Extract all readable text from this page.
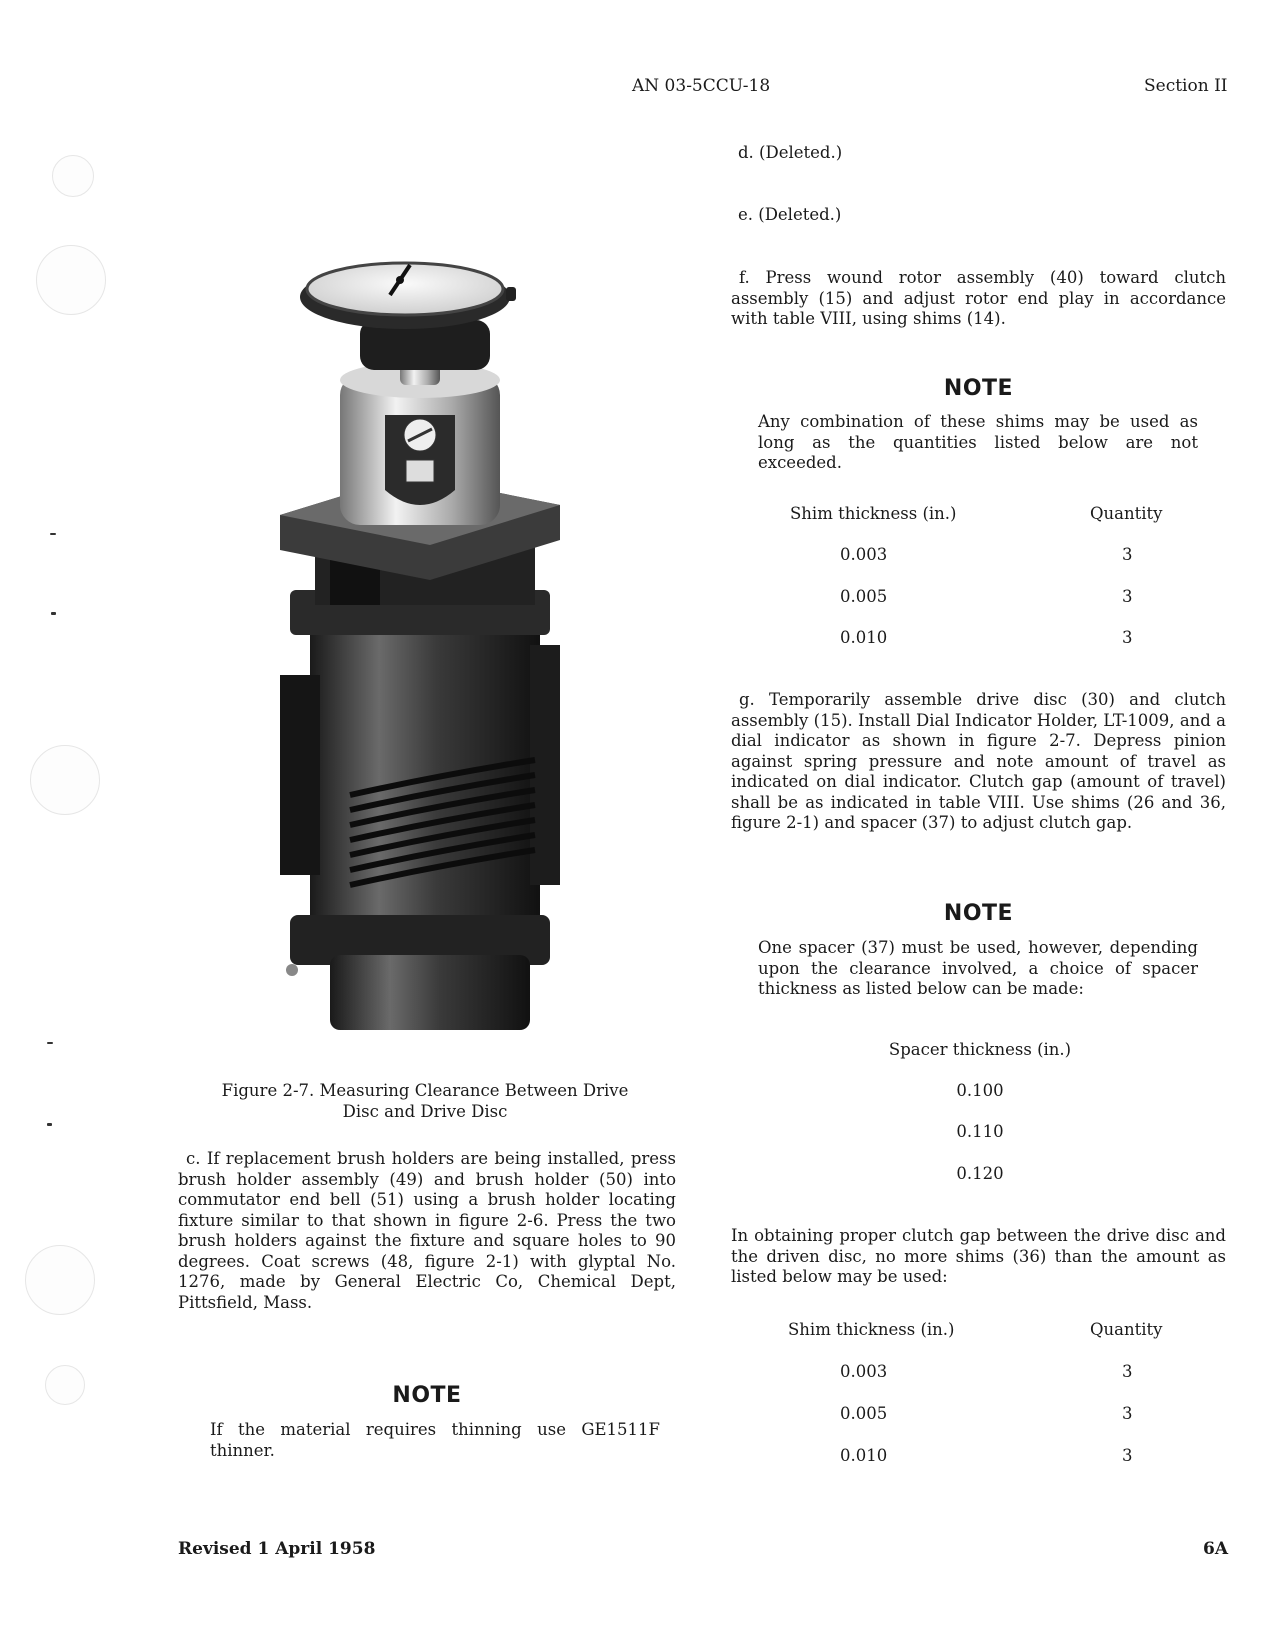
AN 03-5CCU-18	Section II
d. (Deleted.)
e. (Deleted.)
f. Press wound rotor assembly (40) toward clutch assembly (15) and adjust rotor end play in accordance with table VIII, using shims (14).
NOTE
Any combination of these shims may be used as long as the quantities listed below are not exceeded.
Shim thickness (in.)	Quantity
0.003	3
0.005	3
0.010	3
g. Temporarily assemble drive disc (30) and clutch assembly (15). Install Dial Indicator Holder, LT-1009, and a dial indicator as shown in figure 2-7. Depress pinion against spring pressure and note amount of travel as indicated on dial indicator. Clutch gap (amount of travel) shall be as indicated in table VIII. Use shims (26 and 36, figure 2-1) and spacer (37) to adjust clutch gap.
NOTE
One spacer (37) must be used, however, depending upon the clearance involved, a choice of spacer thickness as listed below can be made:
Spacer thickness (in.)
0.100
0.110
0.120
In obtaining proper clutch gap between the drive disc and the driven disc, no more shims (36) than the amount as listed below may be used:
Shim thickness (in.)	Quantity
0.003	3
0.005	3
0.010	3
Figure 2-7. Measuring Clearance Between Drive
Disc and Drive Disc
c. If replacement brush holders are being installed, press brush holder assembly (49) and brush holder (50) into commutator end bell (51) using a brush holder locating fixture similar to that shown in figure 2-6. Press the two brush holders against the fixture and square holes to 90 degrees. Coat screws (48, figure 2-1) with glyptal No. 1276, made by General Electric Co, Chemical Dept, Pittsfield, Mass.
NOTE
If the material requires thinning use GE1511F thinner.
Revised 1 April 1958	6A
